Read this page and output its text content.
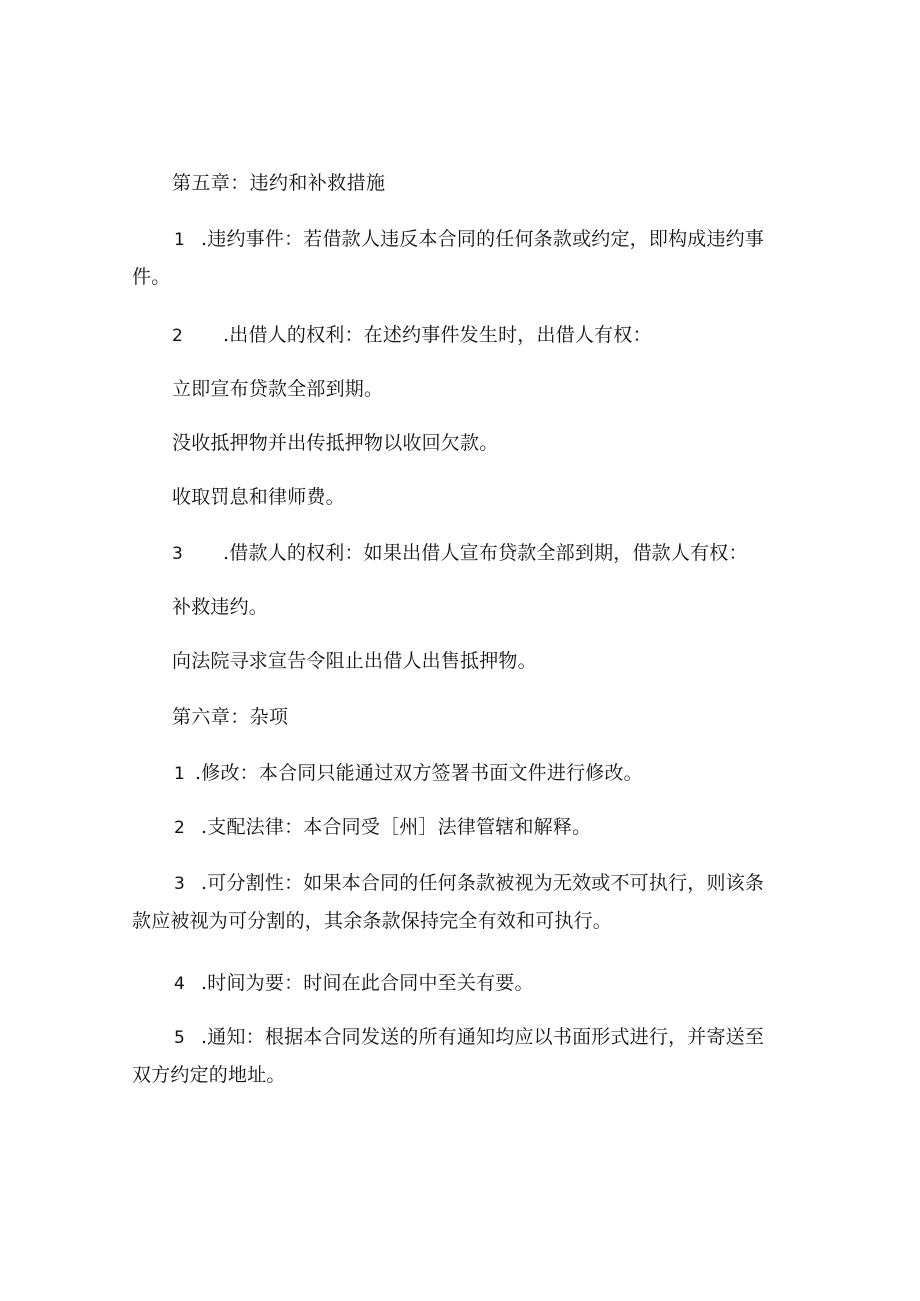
第五章：违约和补救措施
1 .违约事件：若借款人违反本合同的任何条款或约定，即构成违约事
件。
2 .出借人的权利：在述约事件发生时，出借人有权：
立即宣布贷款全部到期。
没收抵押物并出传抵押物以收回欠款。
收取罚息和律师费。
3 .借款人的权利：如果出借人宣布贷款全部到期，借款人有权：
补救违约。
向法院寻求宣告令阻止出借人出售抵押物。
第六章：杂项
1 .修改：本合同只能通过双方签署书面文件进行修改。
2 .支配法律：本合同受［州］法律管辖和解释。
3 .可分割性：如果本合同的任何条款被视为无效或不可执行，则该条
款应被视为可分割的，其余条款保持完全有效和可执行。
4 .时间为要：时间在此合同中至关有要。
5 .通知：根据本合同发送的所有通知均应以书面形式进行，并寄送至
双方约定的地址。
